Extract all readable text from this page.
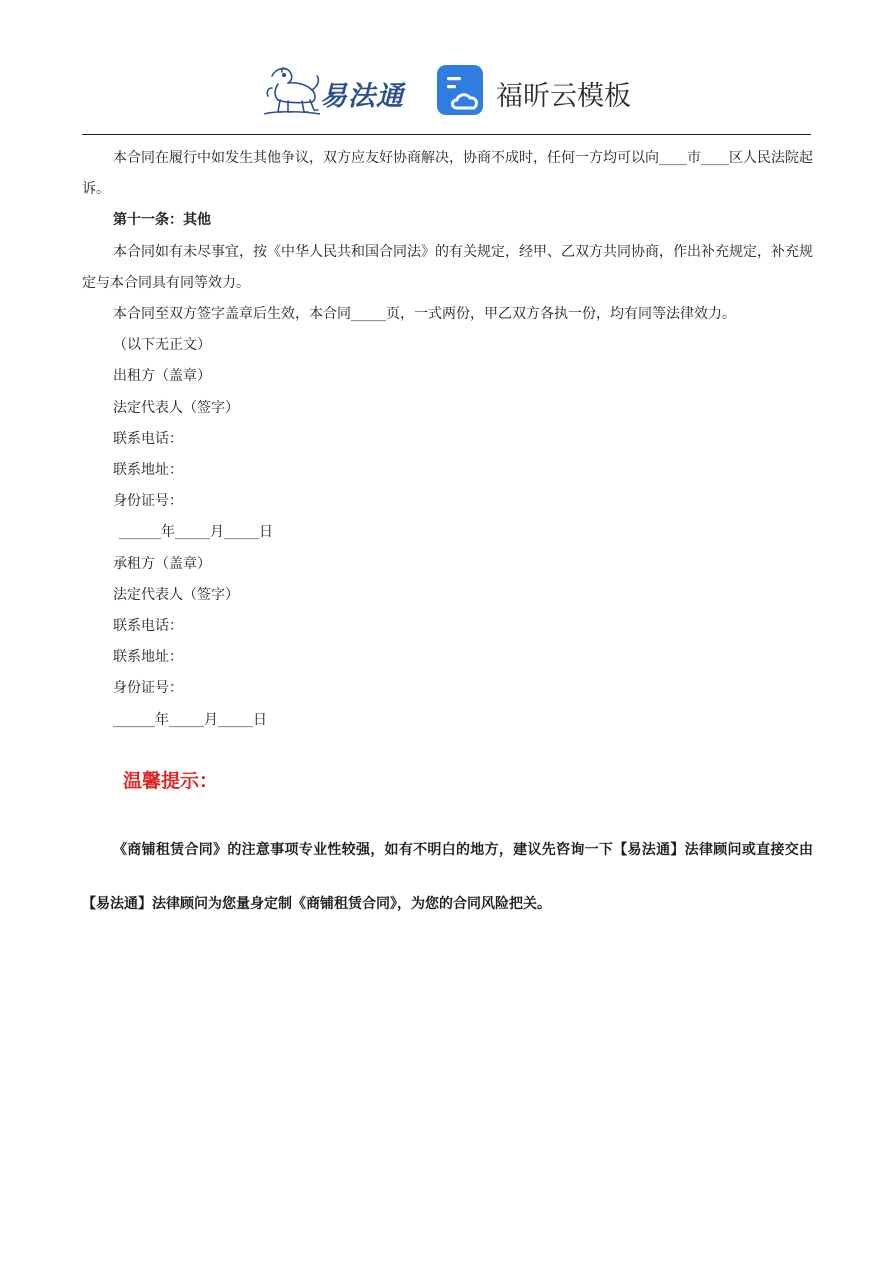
易法通	福昕云模板

本合同在履行中如发生其他争议，双方应友好协商解决，协商不成时，任何一方均可以向____市____区人民法院起诉。

第十一条：其他

本合同如有未尽事宜，按《中华人民共和国合同法》的有关规定，经甲、乙双方共同协商，作出补充规定，补充规定与本合同具有同等效力。

本合同至双方签字盖章后生效，本合同_____页，一式两份，甲乙双方各执一份，均有同等法律效力。

（以下无正文）

出租方（盖章）

法定代表人（签字）

联系电话：

联系地址：

身份证号：

______年_____月_____日

承租方（盖章）

法定代表人（签字）

联系电话：

联系地址：

身份证号：

______年_____月_____日

温馨提示：

《商铺租赁合同》的注意事项专业性较强，如有不明白的地方，建议先咨询一下【易法通】法律顾问或直接交由【易法通】法律顾问为您量身定制《商铺租赁合同》，为您的合同风险把关。
